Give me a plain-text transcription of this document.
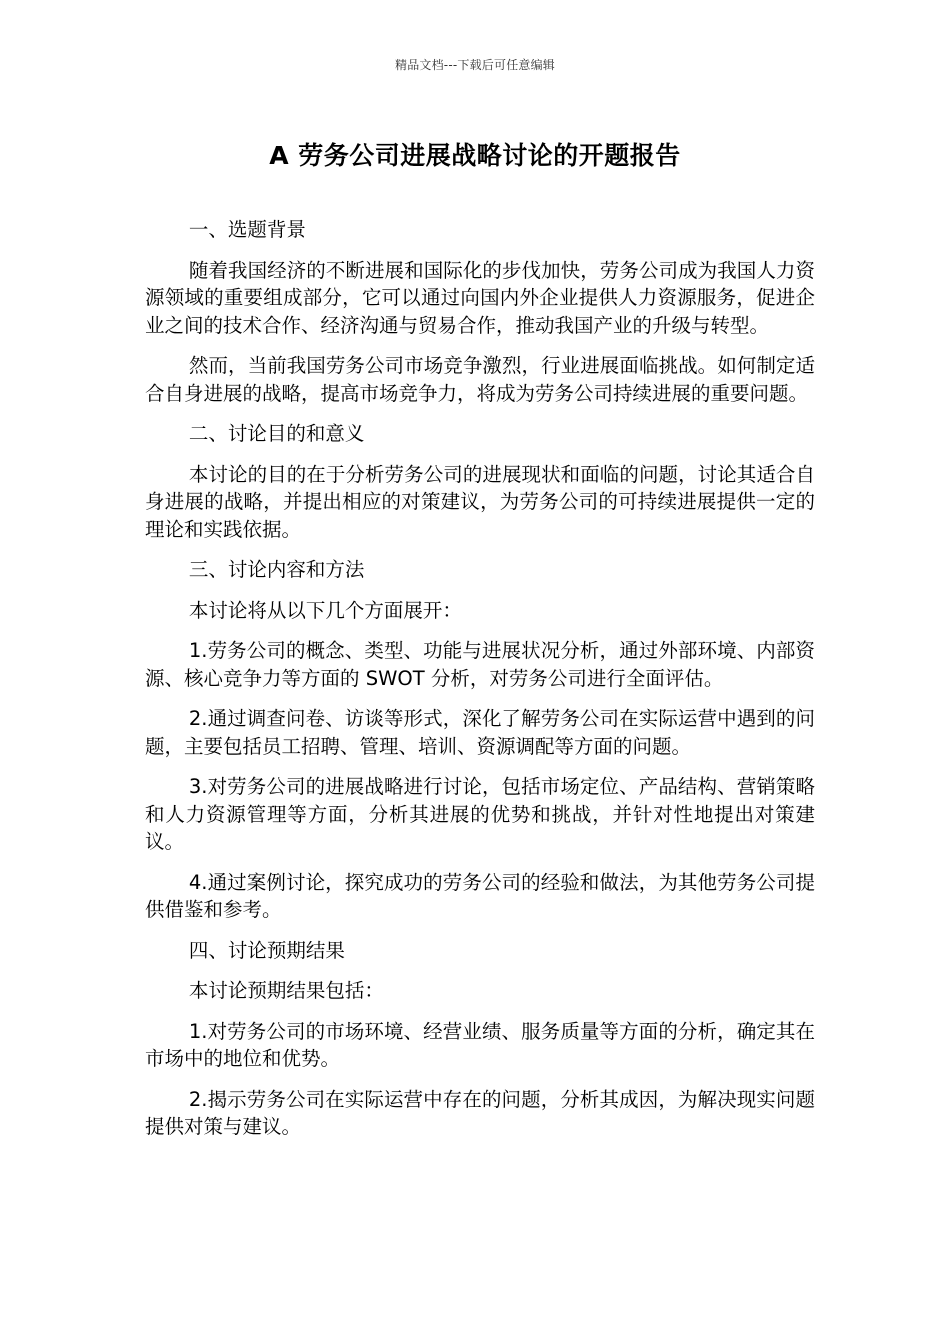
精品文档---下载后可任意编辑
A 劳务公司进展战略讨论的开题报告

一、选题背景

随着我国经济的不断进展和国际化的步伐加快，劳务公司成为我国人力资源领域的重要组成部分，它可以通过向国内外企业提供人力资源服务，促进企业之间的技术合作、经济沟通与贸易合作，推动我国产业的升级与转型。

然而，当前我国劳务公司市场竞争激烈，行业进展面临挑战。如何制定适合自身进展的战略，提高市场竞争力，将成为劳务公司持续进展的重要问题。

二、讨论目的和意义

本讨论的目的在于分析劳务公司的进展现状和面临的问题，讨论其适合自身进展的战略，并提出相应的对策建议，为劳务公司的可持续进展提供一定的理论和实践依据。

三、讨论内容和方法

本讨论将从以下几个方面展开：

1.劳务公司的概念、类型、功能与进展状况分析，通过外部环境、内部资源、核心竞争力等方面的 SWOT 分析，对劳务公司进行全面评估。

2.通过调查问卷、访谈等形式，深化了解劳务公司在实际运营中遇到的问题，主要包括员工招聘、管理、培训、资源调配等方面的问题。

3.对劳务公司的进展战略进行讨论，包括市场定位、产品结构、营销策略和人力资源管理等方面，分析其进展的优势和挑战，并针对性地提出对策建议。

4.通过案例讨论，探究成功的劳务公司的经验和做法，为其他劳务公司提供借鉴和参考。

四、讨论预期结果

本讨论预期结果包括：

1.对劳务公司的市场环境、经营业绩、服务质量等方面的分析，确定其在市场中的地位和优势。

2.揭示劳务公司在实际运营中存在的问题，分析其成因，为解决现实问题提供对策与建议。
